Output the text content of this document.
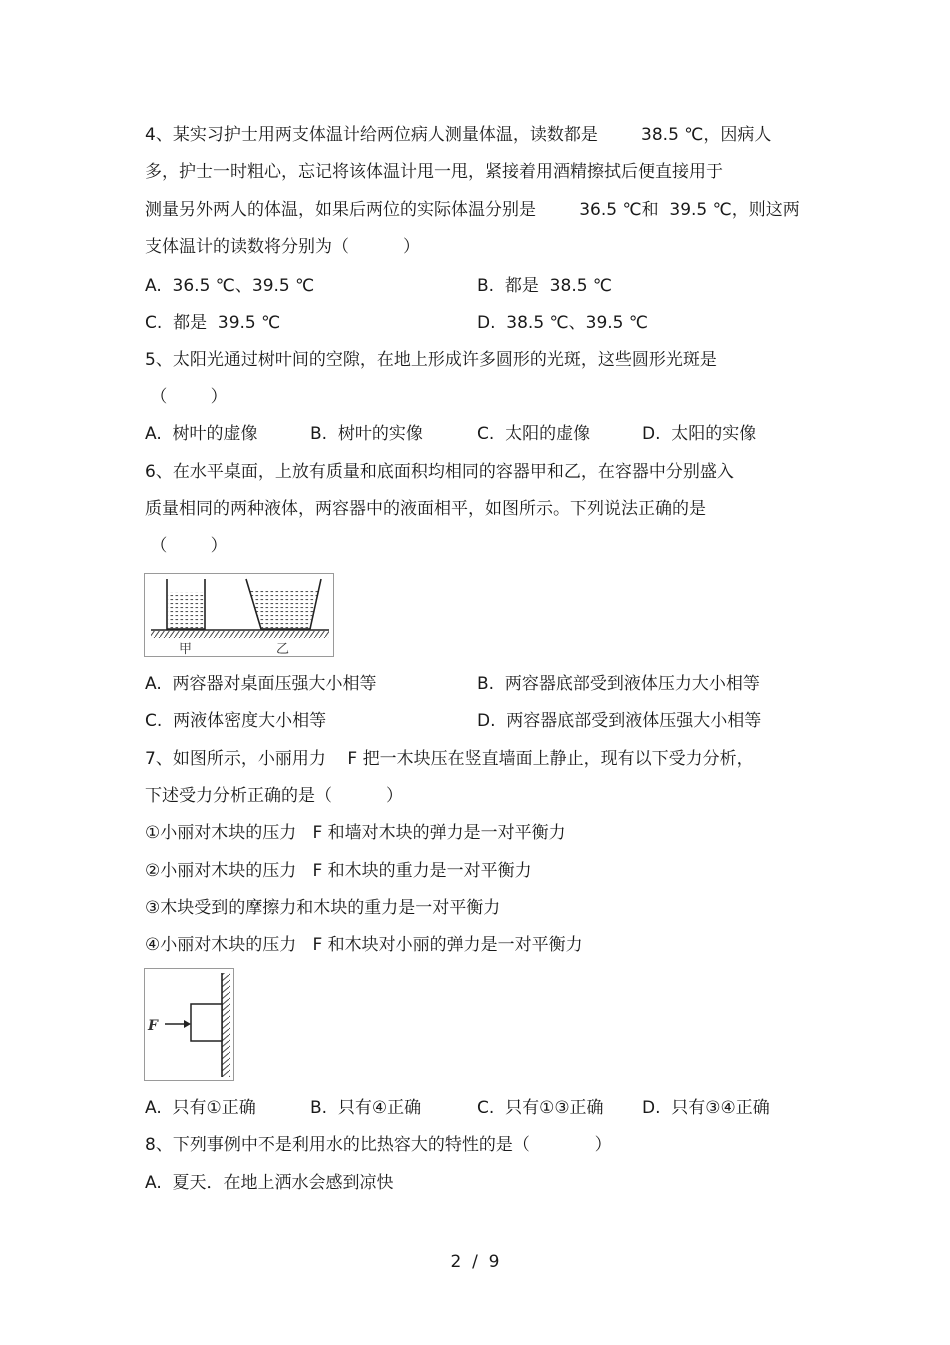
4、某实习护士用两支体温计给两位病人测量体温，读数都是        38.5 ℃，因病人
多，护士一时粗心，忘记将该体温计甩一甩，紧接着用酒精擦拭后便直接用于
测量另外两人的体温，如果后两位的实际体温分别是        36.5 ℃和  39.5 ℃，则这两
支体温计的读数将分别为（          ）
A.  36.5 ℃、39.5 ℃	B.  都是  38.5 ℃
C.  都是  39.5 ℃	D.  38.5 ℃、39.5 ℃
5、太阳光通过树叶间的空隙，在地上形成许多圆形的光斑，这些圆形光斑是
（        ）
A.  树叶的虚像	B.  树叶的实像	C.  太阳的虚像	D.  太阳的实像
6、在水平桌面，上放有质量和底面积均相同的容器甲和乙，在容器中分别盛入
质量相同的两种液体，两容器中的液面相平，如图所示。下列说法正确的是
（        ）
甲	乙
A.  两容器对桌面压强大小相等	B.  两容器底部受到液体压力大小相等
C.  两液体密度大小相等	D.  两容器底部受到液体压强大小相等
7、如图所示，小丽用力    F 把一木块压在竖直墙面上静止，现有以下受力分析，
下述受力分析正确的是（          ）
①小丽对木块的压力   F 和墙对木块的弹力是一对平衡力
②小丽对木块的压力   F 和木块的重力是一对平衡力
③木块受到的摩擦力和木块的重力是一对平衡力
④小丽对木块的压力   F 和木块对小丽的弹力是一对平衡力
F
A.  只有①正确	B.  只有④正确	C.  只有①③正确 D.  只有③④正确
8、下列事例中不是利用水的比热容大的特性的是（            ）
A.  夏天．在地上洒水会感到凉快
2  /  9
